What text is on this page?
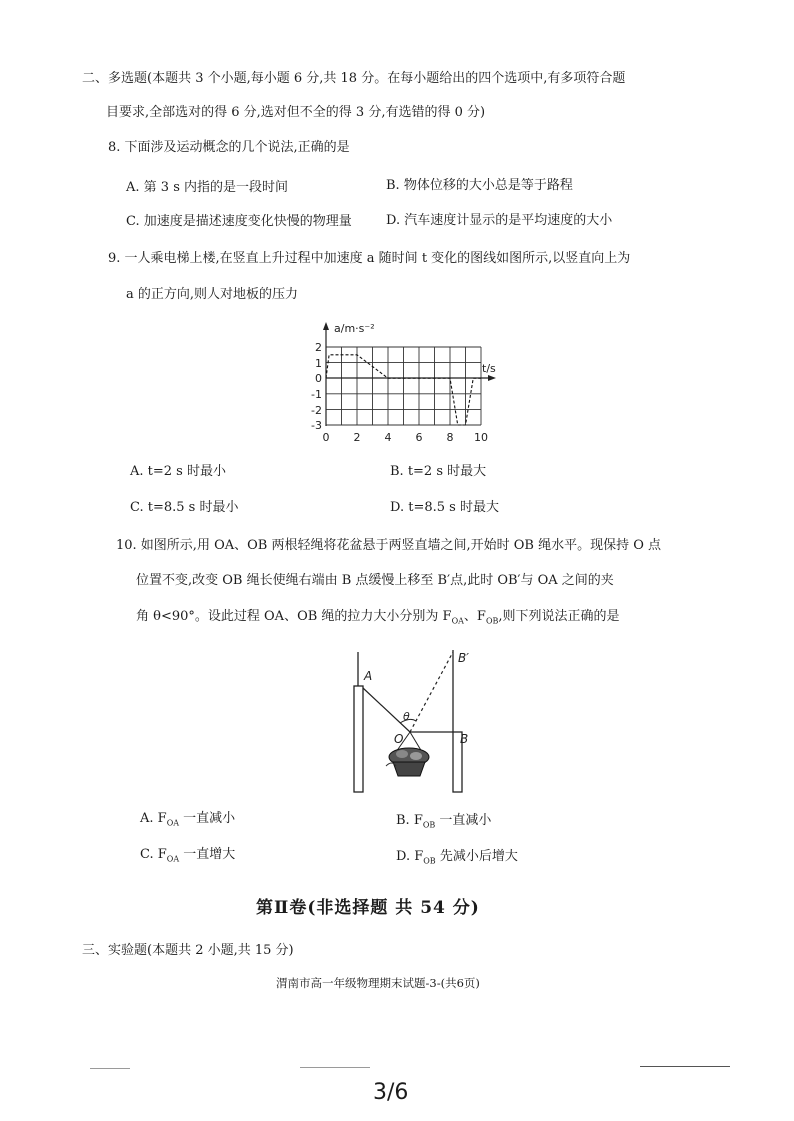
二、多选题(本题共 3 个小题,每小题 6 分,共 18 分。在每小题给出的四个选项中,有多项符合题
目要求,全部选对的得 6 分,选对但不全的得 3 分,有选错的得 0 分)
8. 下面涉及运动概念的几个说法,正确的是
A. 第 3 s 内指的是一段时间	B. 物体位移的大小总是等于路程
C. 加速度是描述速度变化快慢的物理量	D. 汽车速度计显示的是平均速度的大小
9. 一人乘电梯上楼,在竖直上升过程中加速度 a 随时间 t 变化的图线如图所示,以竖直向上为
a 的正方向,则人对地板的压力
a/m·s⁻²
t/s
0 2 4 6 8 10
2
1
0
-1
-2
-3
A. t=2 s 时最小	B. t=2 s 时最大
C. t=8.5 s 时最小	D. t=8.5 s 时最大
10. 如图所示,用 OA、OB 两根轻绳将花盆悬于两竖直墙之间,开始时 OB 绳水平。现保持 O 点
位置不变,改变 OB 绳长使绳右端由 B 点缓慢上移至 B′点,此时 OB′与 OA 之间的夹
角 θ<90°。设此过程 OA、OB 绳的拉力大小分别为 $F_{OA}$、$F_{OB}$,则下列说法正确的是
A
B′
B
O
θ
A. $F_{OA}$ 一直减小	B. $F_{OB}$ 一直减小
C. $F_{OA}$ 一直增大	D. $F_{OB}$ 先减小后增大
第Ⅱ卷(非选择题 共 54 分)
三、实验题(本题共 2 小题,共 15 分)
渭南市高一年级物理期末试题-3-(共6页)
3/6
